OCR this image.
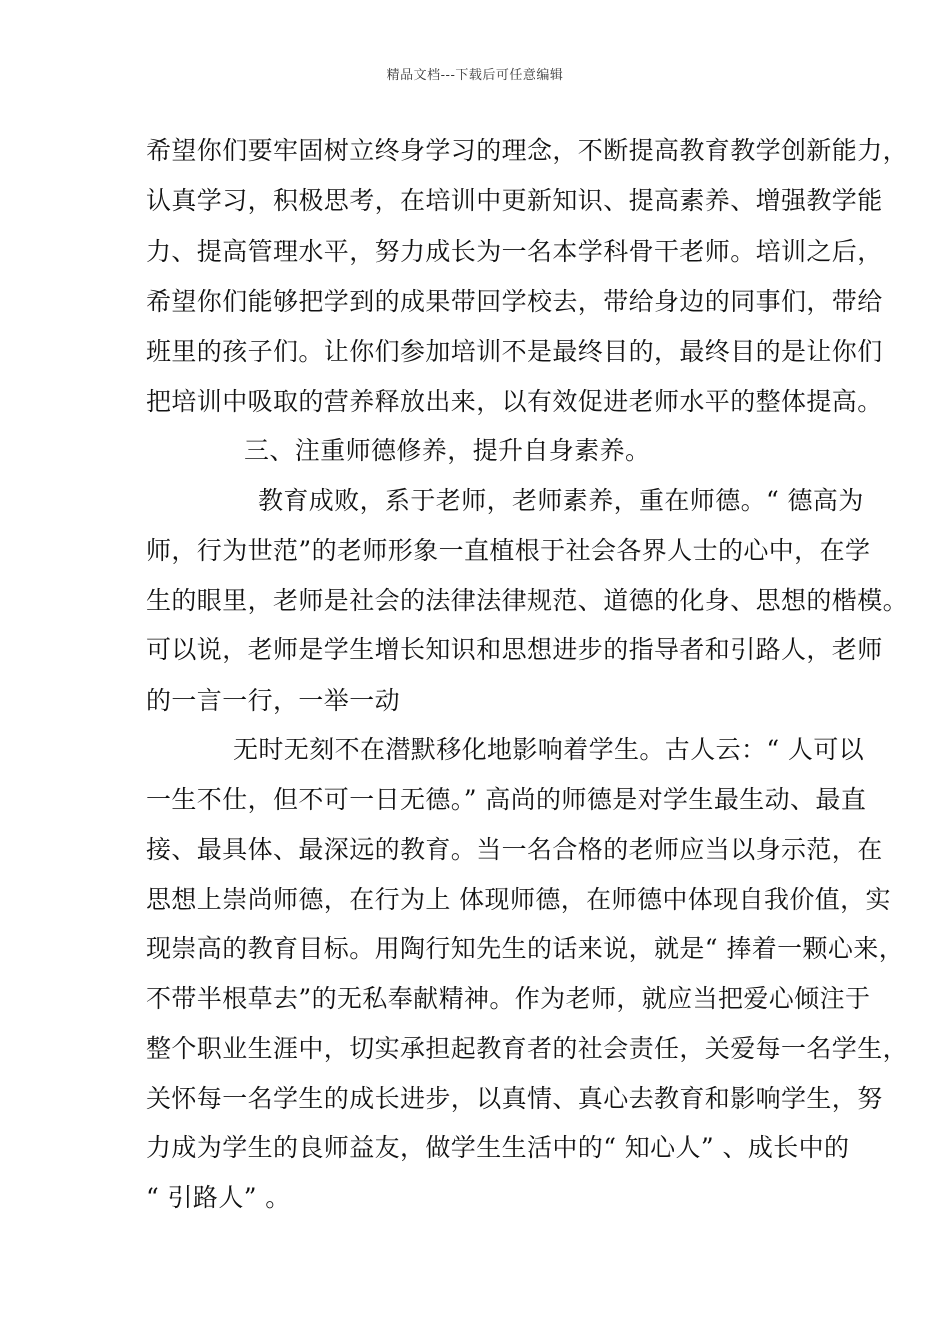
精品文档---下载后可任意编辑
希望你们要牢固树立终身学习的理念，不断提高教育教学创新能力，
认真学习，积极思考，在培训中更新知识、提高素养、增强教学能
力、提高管理水平，努力成长为一名本学科骨干老师。培训之后，
希望你们能够把学到的成果带回学校去，带给身边的同事们，带给
班里的孩子们。让你们参加培训不是最终目的，最终目的是让你们
把培训中吸取的营养释放出来，以有效促进老师水平的整体提高。
三、注重师德修养，提升自身素养。
教育成败，系于老师，老师素养，重在师德。“ 德高为
师，行为世范”的老师形象一直植根于社会各界人士的心中，在学
生的眼里，老师是社会的法律法律规范、道德的化身、思想的楷模。
可以说，老师是学生增长知识和思想进步的指导者和引路人，老师
的一言一行，一举一动
无时无刻不在潜默移化地影响着学生。古人云：“ 人可以
一生不仕，但不可一日无德。” 高尚的师德是对学生最生动、最直
接、最具体、最深远的教育。当一名合格的老师应当以身示范，在
思想上崇尚师德，在行为上 体现师德，在师德中体现自我价值，实
现崇高的教育目标。用陶行知先生的话来说，就是“ 捧着一颗心来，
不带半根草去”的无私奉献精神。作为老师，就应当把爱心倾注于
整个职业生涯中，切实承担起教育者的社会责任，关爱每一名学生，
关怀每一名学生的成长进步，以真情、真心去教育和影响学生，努
力成为学生的良师益友，做学生生活中的“ 知心人” 、成长中的
“ 引路人” 。
